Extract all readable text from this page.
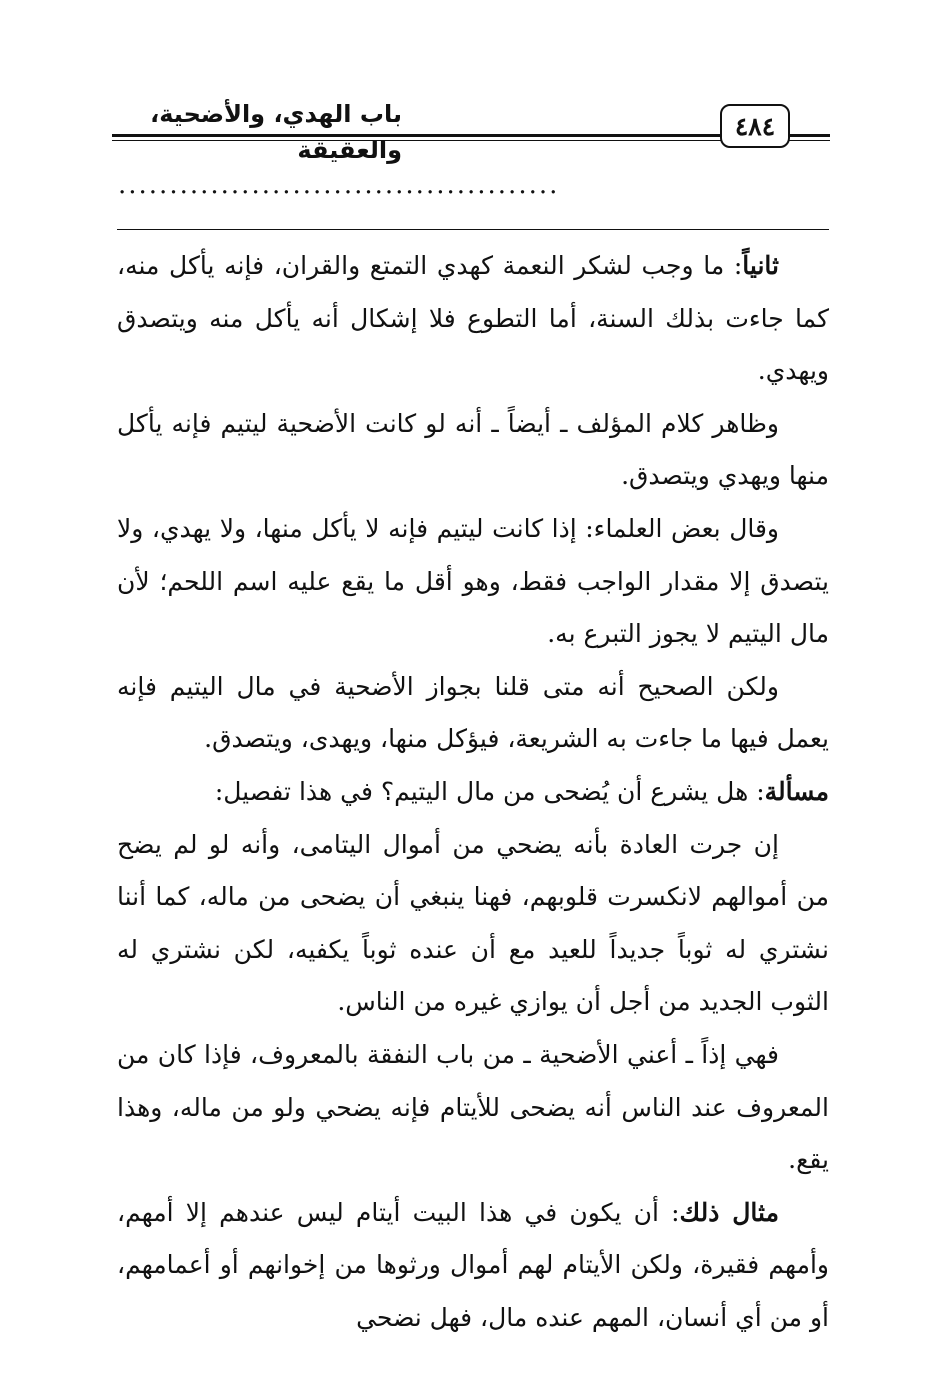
٤٨٤
باب الهدي، والأضحية، والعقيقة
...........................................

ثانياً: ما وجب لشكر النعمة كهدي التمتع والقران، فإنه يأكل منه، كما جاءت بذلك السنة، أما التطوع فلا إشكال أنه يأكل منه ويتصدق ويهدي.

وظاهر كلام المؤلف ـ أيضاً ـ أنه لو كانت الأضحية ليتيم فإنه يأكل منها ويهدي ويتصدق.

وقال بعض العلماء: إذا كانت ليتيم فإنه لا يأكل منها، ولا يهدي، ولا يتصدق إلا مقدار الواجب فقط، وهو أقل ما يقع عليه اسم اللحم؛ لأن مال اليتيم لا يجوز التبرع به.

ولكن الصحيح أنه متى قلنا بجواز الأضحية في مال اليتيم فإنه يعمل فيها ما جاءت به الشريعة، فيؤكل منها، ويهدى، ويتصدق.

مسألة: هل يشرع أن يُضحى من مال اليتيم؟ في هذا تفصيل:

إن جرت العادة بأنه يضحي من أموال اليتامى، وأنه لو لم يضح من أموالهم لانكسرت قلوبهم، فهنا ينبغي أن يضحى من ماله، كما أننا نشتري له ثوباً جديداً للعيد مع أن عنده ثوباً يكفيه، لكن نشتري له الثوب الجديد من أجل أن يوازي غيره من الناس.

فهي إذاً ـ أعني الأضحية ـ من باب النفقة بالمعروف، فإذا كان من المعروف عند الناس أنه يضحى للأيتام فإنه يضحي ولو من ماله، وهذا يقع.

مثال ذلك: أن يكون في هذا البيت أيتام ليس عندهم إلا أمهم، وأمهم فقيرة، ولكن الأيتام لهم أموال ورثوها من إخوانهم أو أعمامهم، أو من أي أنسان، المهم عنده مال، فهل نضحي
